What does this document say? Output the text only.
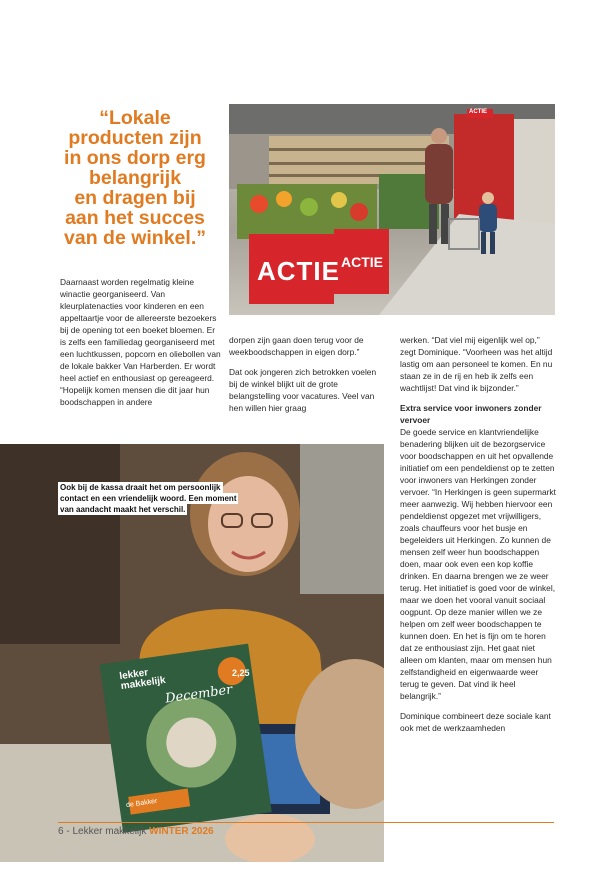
“Lokale
producten zijn
in ons dorp erg
belangrijk
en dragen bij
aan het succes
van de winkel.”
ACTIE ACTIE
ACTIE

Daarnaast worden regelmatig kleine winactie georganiseerd. Van kleurplatenacties voor kinderen en een appeltaartje voor de allereerste bezoekers bij de opening tot een boeket bloemen. Er is zelfs een familiedag georganiseerd met een luchtkussen, popcorn en oliebollen van de lokale bakker Van Harberden. Er wordt heel actief en enthousiast op gereageerd. “Hopelijk komen mensen die dit jaar hun boodschappen in andere

dorpen zijn gaan doen terug voor de weekboodschappen in eigen dorp.”

Dat ook jongeren zich betrokken voelen bij de winkel blijkt uit de grote belangstelling voor vacatures. Veel van hen willen hier graag

werken. “Dat viel mij eigenlijk wel op,” zegt Dominique. “Voorheen was het altijd lastig om aan personeel te komen. En nu staan ze in de rij en heb ik zelfs een wachtlijst! Dat vind ik bijzonder.”

Extra service voor inwoners zonder vervoer

De goede service en klantvriendelijke benadering blijken uit de bezorgservice voor boodschappen en uit het opvallende initiatief om een pendeldienst op te zetten voor inwoners van Herkingen zonder vervoer. “In Herkingen is geen supermarkt meer aanwezig. Wij hebben hiervoor een pendeldienst opgezet met vrijwilligers, zoals chauffeurs voor het busje en begeleiders uit Herkingen. Zo kunnen de mensen zelf weer hun boodschappen doen, maar ook even een kop koffie drinken. En daarna brengen we ze weer terug. Het initiatief is goed voor de winkel, maar we doen het vooral vanuit sociaal oogpunt. Op deze manier willen we ze helpen om zelf weer boodschappen te kunnen doen. En het is fijn om te horen dat ze enthousiast zijn. Het gaat niet alleen om klanten, maar om mensen hun zelfstandigheid en eigenwaarde weer terug te geven. Dat vind ik heel belangrijk.”

Dominique combineert deze sociale kant ook met de werkzaamheden

lekker makkelijk
December
2,25
de Bakker
Ook bij de kassa draait het om persoonlijk contact en een vriendelijk woord. Een moment van aandacht maakt het verschil.
6 - Lekker makkelijk WINTER 2026
